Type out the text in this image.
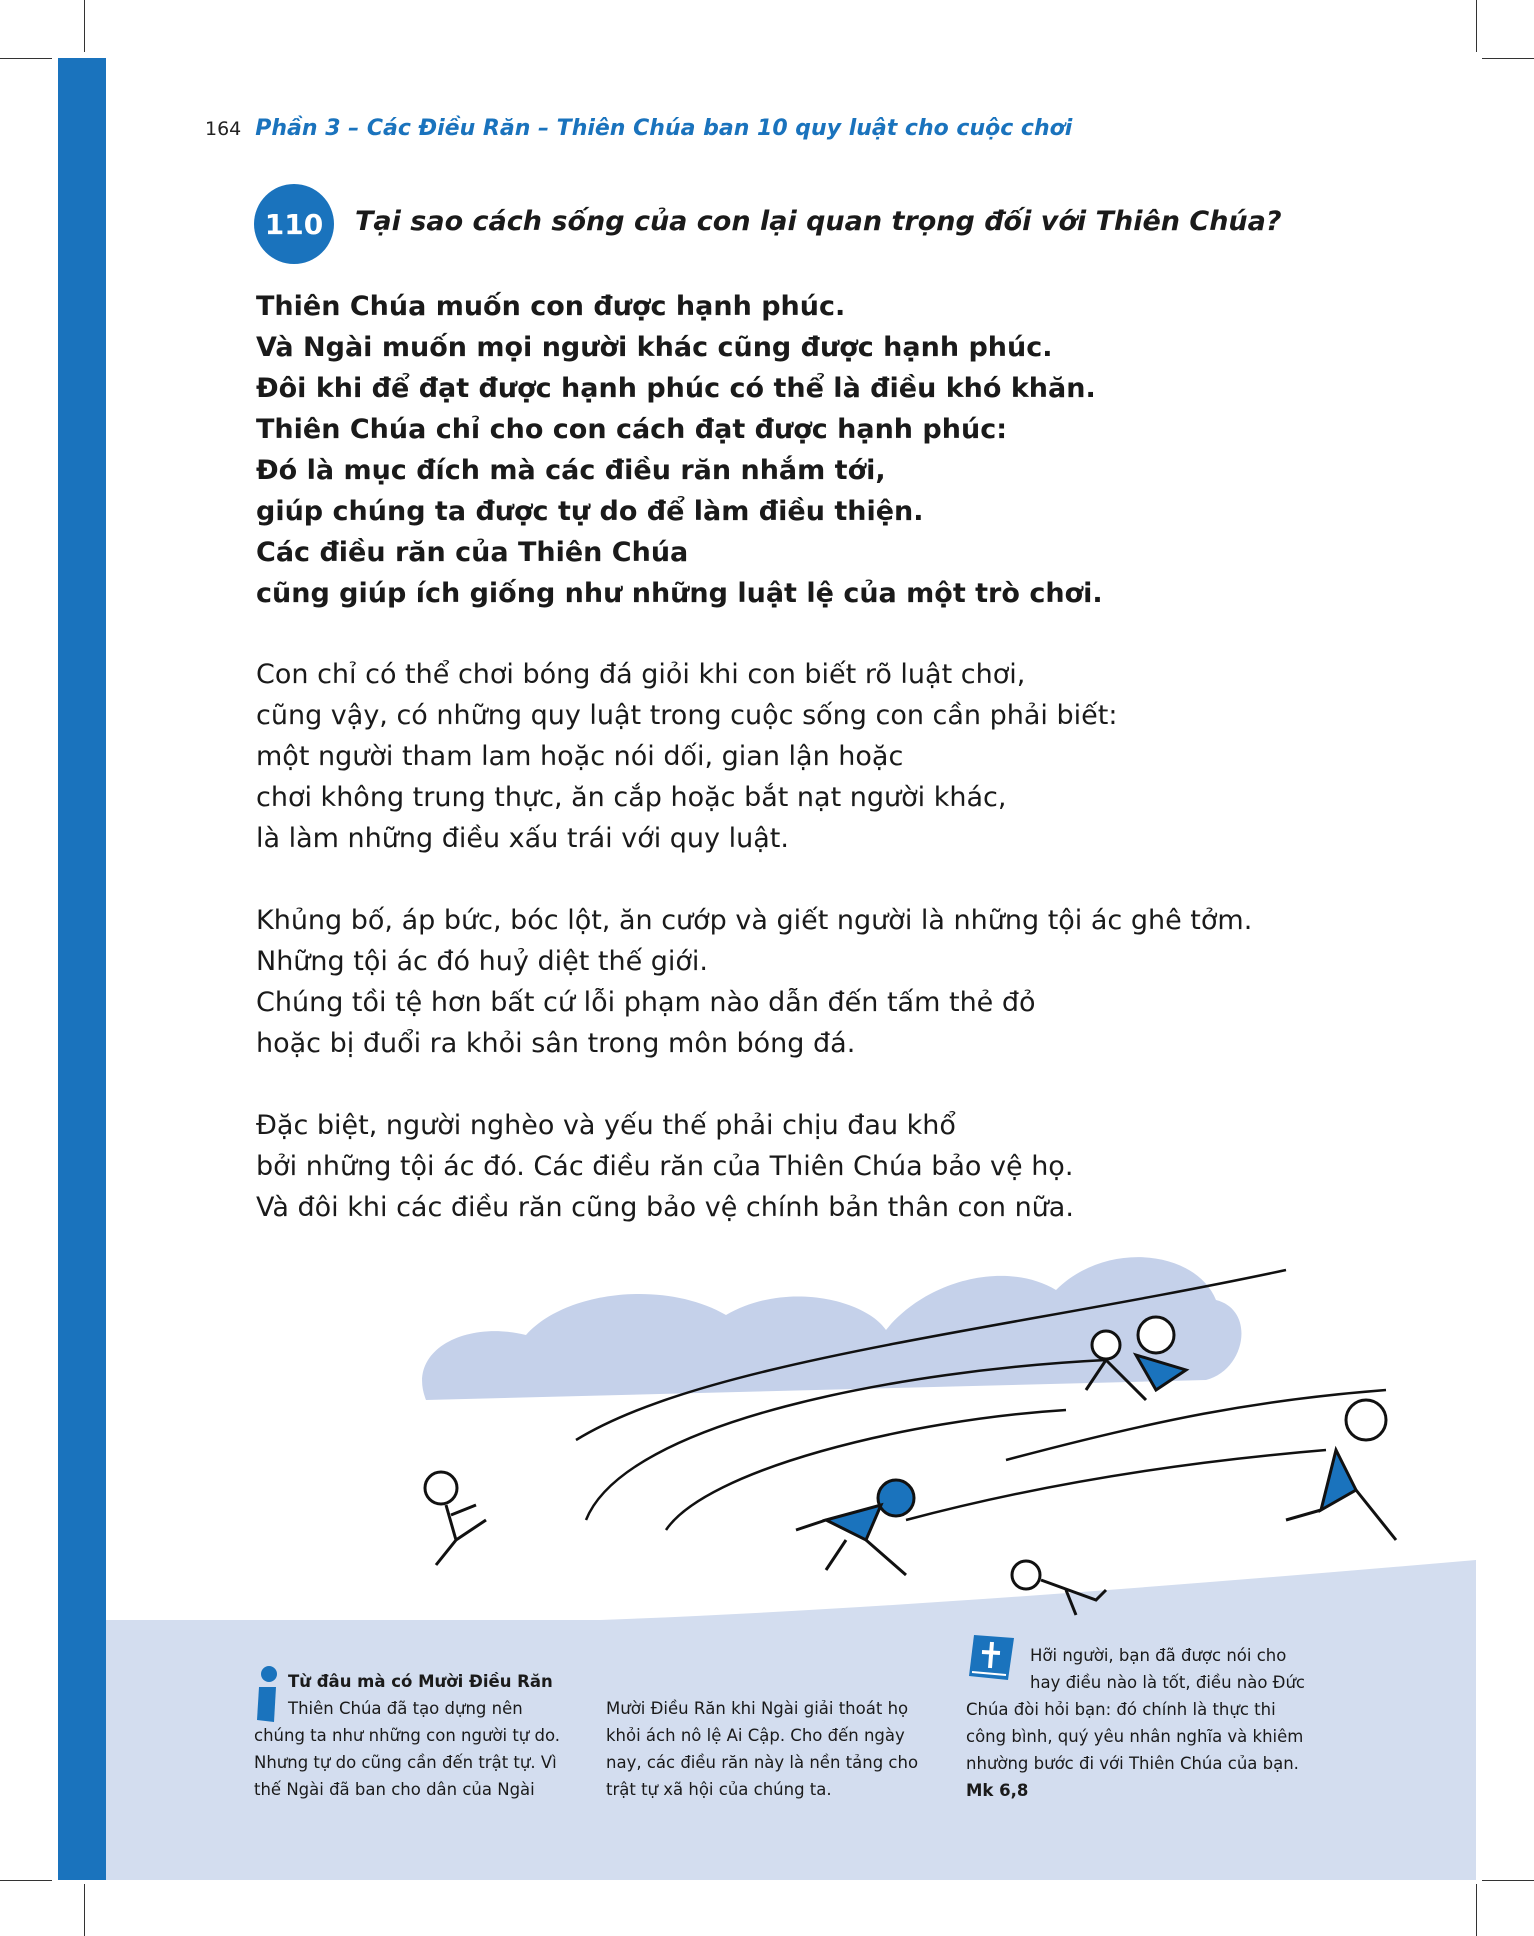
164 Phần 3 – Các Điều Răn – Thiên Chúa ban 10 quy luật cho cuộc chơi
110	Tại sao cách sống của con lại quan trọng đối với Thiên Chúa?
Thiên Chúa muốn con được hạnh phúc.
Và Ngài muốn mọi người khác cũng được hạnh phúc.
Đôi khi để đạt được hạnh phúc có thể là điều khó khăn.
Thiên Chúa chỉ cho con cách đạt được hạnh phúc:
Đó là mục đích mà các điều răn nhắm tới,
giúp chúng ta được tự do để làm điều thiện.
Các điều răn của Thiên Chúa
cũng giúp ích giống như những luật lệ của một trò chơi.
Con chỉ có thể chơi bóng đá giỏi khi con biết rõ luật chơi,
cũng vậy, có những quy luật trong cuộc sống con cần phải biết:
một người tham lam hoặc nói dối, gian lận hoặc
chơi không trung thực, ăn cắp hoặc bắt nạt người khác,
là làm những điều xấu trái với quy luật.
Khủng bố, áp bức, bóc lột, ăn cướp và giết người là những tội ác ghê tởm.
Những tội ác đó huỷ diệt thế giới.
Chúng tồi tệ hơn bất cứ lỗi phạm nào dẫn đến tấm thẻ đỏ
hoặc bị đuổi ra khỏi sân trong môn bóng đá.
Đặc biệt, người nghèo và yếu thế phải chịu đau khổ
bởi những tội ác đó. Các điều răn của Thiên Chúa bảo vệ họ.
Và đôi khi các điều răn cũng bảo vệ chính bản thân con nữa.
Từ đâu mà có Mười Điều Răn
Thiên Chúa đã tạo dựng nên
chúng ta như những con người tự do.
Nhưng tự do cũng cần đến trật tự. Vì
thế Ngài đã ban cho dân của Ngài
Mười Điều Răn khi Ngài giải thoát họ
khỏi ách nô lệ Ai Cập. Cho đến ngày
nay, các điều răn này là nền tảng cho
trật tự xã hội của chúng ta.
Hỡi người, bạn đã được nói cho
hay điều nào là tốt, điều nào Đức
Chúa đòi hỏi bạn: đó chính là thực thi
công bình, quý yêu nhân nghĩa và khiêm
nhường bước đi với Thiên Chúa của bạn.
Mk 6,8
